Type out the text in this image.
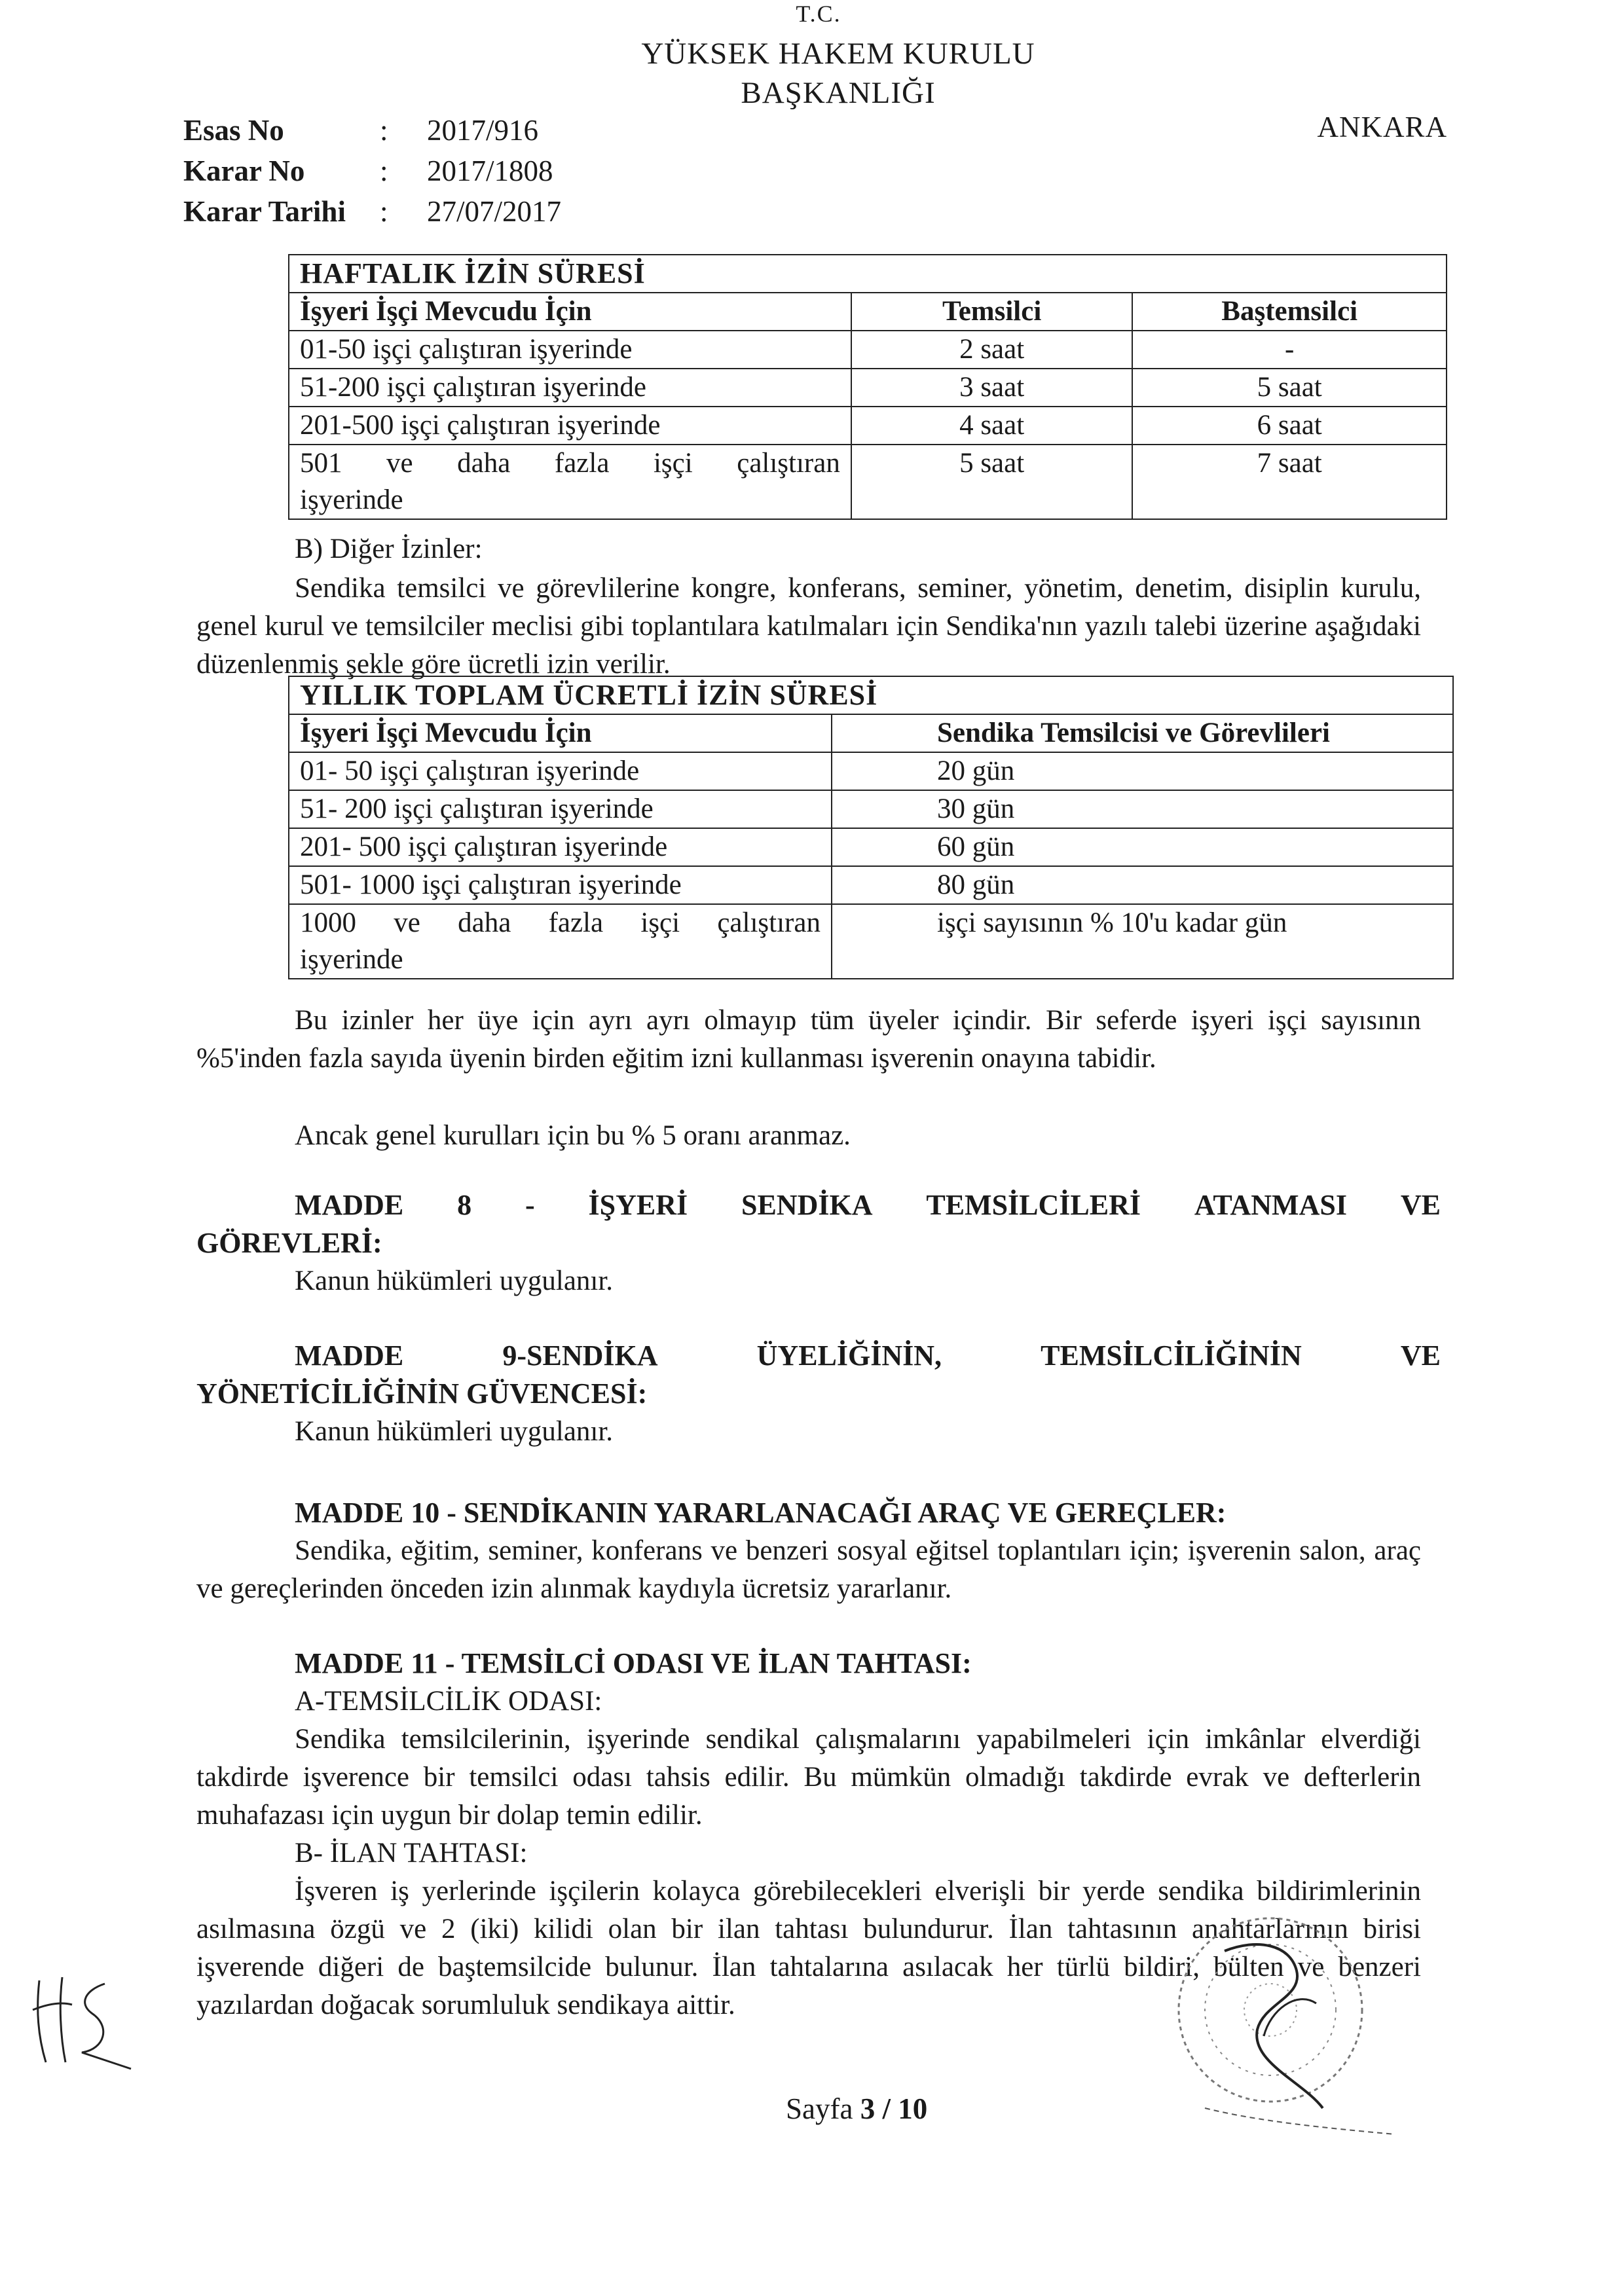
T.C.
YÜKSEK HAKEM KURULU
BAŞKANLIĞI
Esas No	:	2017/916
Karar No	:	2017/1808
Karar Tarihi	:	27/07/2017
ANKARA
HAFTALIK İZİN SÜRESİ		
İşyeri İşçi Mevcudu İçin	Temsilci	Baştemsilci
01-50 işçi çalıştıran işyerinde	2 saat	-
51-200 işçi çalıştıran işyerinde	3 saat	5 saat
201-500 işçi çalıştıran işyerinde	4 saat	6 saat

501 ve daha fazla işçi çalıştıran
işyerinde	5 saat	7 saat
B) Diğer İzinler:
Sendika temsilci ve görevlilerine kongre, konferans, seminer, yönetim, denetim, disiplin kurulu, genel kurul ve temsilciler meclisi gibi toplantılara katılmaları için Sendika'nın yazılı talebi üzerine aşağıdaki düzenlenmiş şekle göre ücretli izin verilir.
YILLIK TOPLAM ÜCRETLİ İZİN SÜRESİ	
İşyeri İşçi Mevcudu İçin	Sendika Temsilcisi ve Görevlileri
01- 50 işçi çalıştıran işyerinde	20 gün
51- 200 işçi çalıştıran işyerinde	30 gün
201- 500 işçi çalıştıran işyerinde	60 gün
501- 1000 işçi çalıştıran işyerinde	80 gün

1000 ve daha fazla işçi çalıştıran
işyerinde	işçi sayısının % 10'u kadar gün
Bu izinler her üye için ayrı ayrı olmayıp tüm üyeler içindir. Bir seferde işyeri işçi sayısının %5'inden fazla sayıda üyenin birden eğitim izni kullanması işverenin onayına tabidir.
Ancak genel kurulları için bu % 5 oranı aranmaz.
MADDE 8 - İŞYERİ SENDİKA TEMSİLCİLERİ ATANMASI VE
GÖREVLERİ:
Kanun hükümleri uygulanır.
MADDE	9-SENDİKA	ÜYELİĞİNİN,	TEMSİLCİLİĞİNİN	VE
YÖNETİCİLİĞİNİN GÜVENCESİ:
Kanun hükümleri uygulanır.
MADDE 10 - SENDİKANIN YARARLANACAĞI ARAÇ VE GEREÇLER:
Sendika, eğitim, seminer, konferans ve benzeri sosyal eğitsel toplantıları için; işverenin salon, araç ve gereçlerinden önceden izin alınmak kaydıyla ücretsiz yararlanır.
MADDE 11 - TEMSİLCİ ODASI VE İLAN TAHTASI:
A-TEMSİLCİLİK ODASI:
Sendika temsilcilerinin, işyerinde sendikal çalışmalarını yapabilmeleri için imkânlar elverdiği takdirde işverence bir temsilci odası tahsis edilir. Bu mümkün olmadığı takdirde evrak ve defterlerin muhafazası için uygun bir dolap temin edilir.
B- İLAN TAHTASI:
İşveren iş yerlerinde işçilerin kolayca görebilecekleri elverişli bir yerde sendika bildirimlerinin asılmasına özgü ve 2 (iki) kilidi olan bir ilan tahtası bulundurur. İlan tahtasının anahtarlarının birisi işverende diğeri de baştemsilcide bulunur. İlan tahtalarına asılacak her türlü bildiri, bülten ve benzeri yazılardan doğacak sorumluluk sendikaya aittir.
Sayfa 3 / 10
